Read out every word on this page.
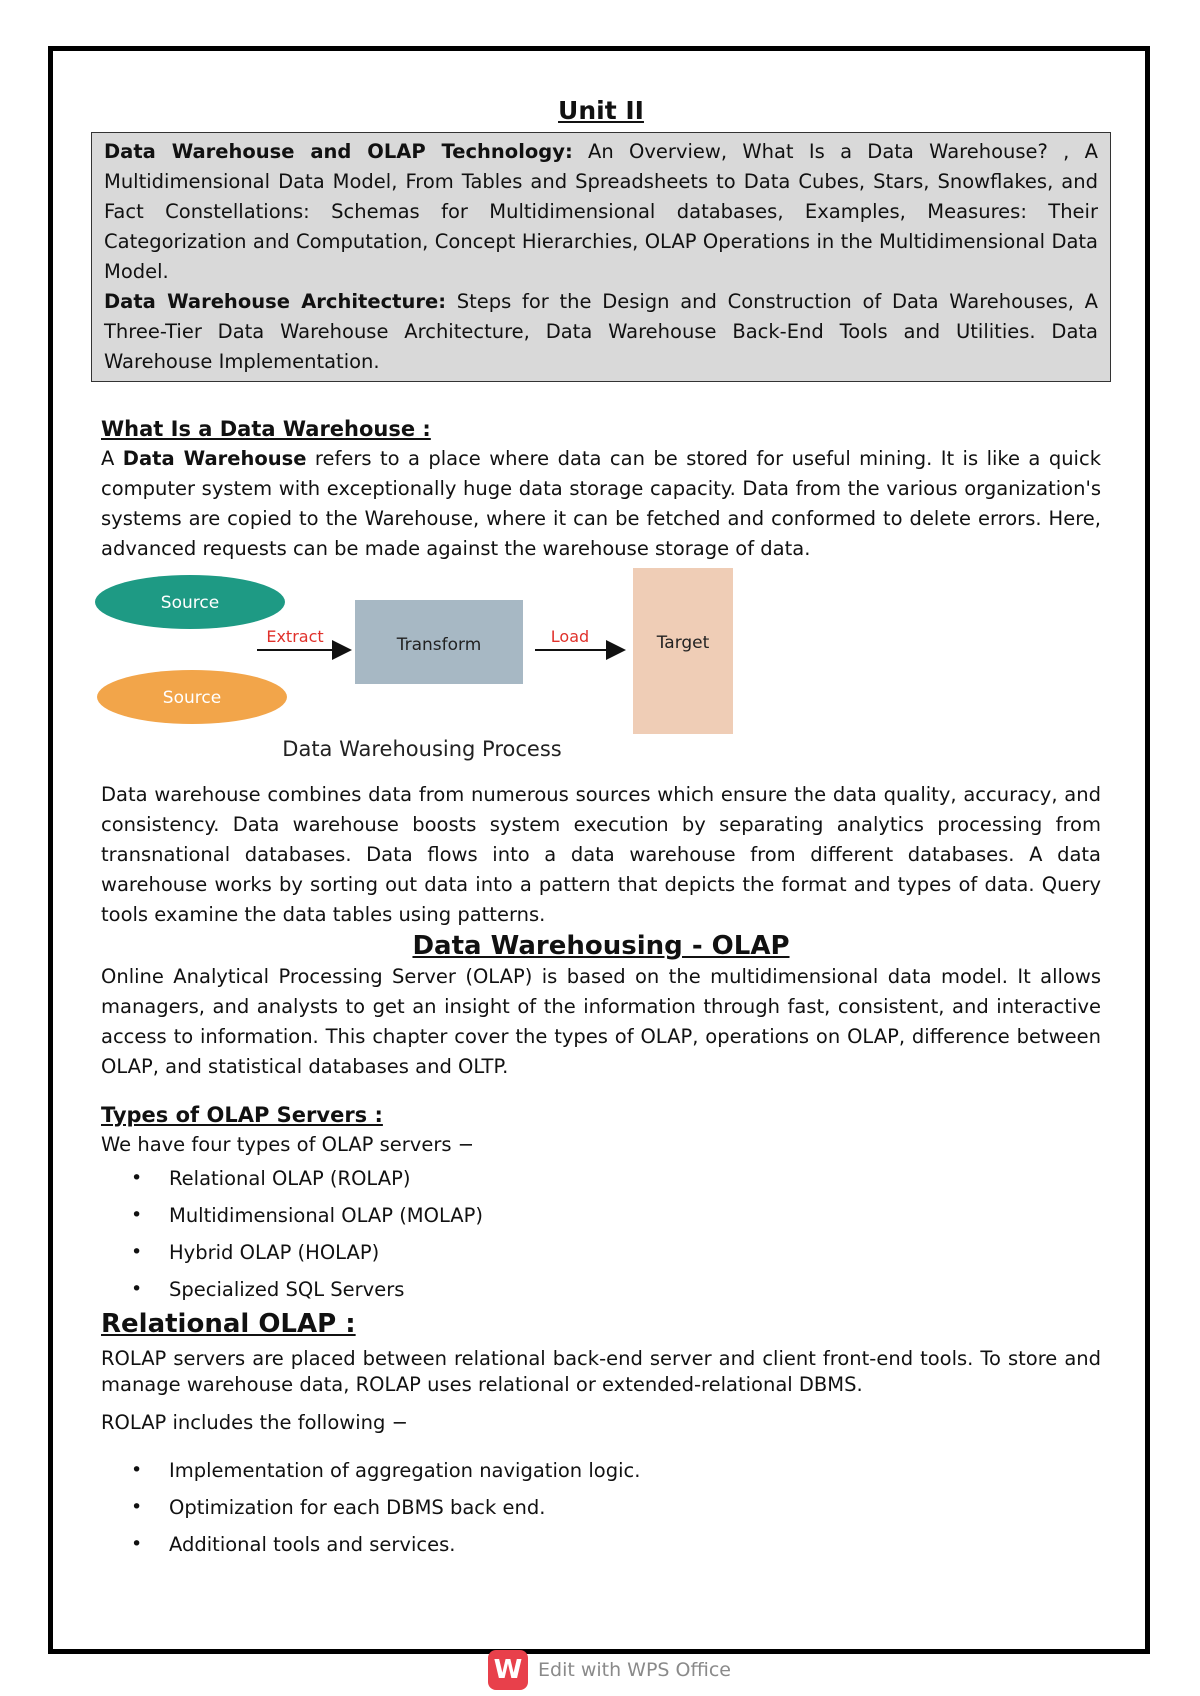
Unit II

Data Warehouse and OLAP Technology: An Overview, What Is a Data Warehouse? , A Multidimensional Data Model, From Tables and Spreadsheets to Data Cubes, Stars, Snowflakes, and Fact Constellations: Schemas for Multidimensional databases, Examples, Measures: Their Categorization and Computation, Concept Hierarchies, OLAP Operations in the Multidimensional Data Model.

Data Warehouse Architecture: Steps for the Design and Construction of Data Warehouses, A Three-Tier Data Warehouse Architecture, Data Warehouse Back-End Tools and Utilities. Data Warehouse Implementation.

What Is a Data Warehouse :

A Data Warehouse refers to a place where data can be stored for useful mining. It is like a quick computer system with exceptionally huge data storage capacity. Data from the various organization's systems are copied to the Warehouse, where it can be fetched and conformed to delete errors. Here, advanced requests can be made against the warehouse storage of data.

Source
Source
Extract	Transform	Load	Target
Data Warehousing Process

Data warehouse combines data from numerous sources which ensure the data quality, accuracy, and consistency. Data warehouse boosts system execution by separating analytics processing from transnational databases. Data flows into a data warehouse from different databases. A data warehouse works by sorting out data into a pattern that depicts the format and types of data. Query tools examine the data tables using patterns.

Data Warehousing - OLAP

Online Analytical Processing Server (OLAP) is based on the multidimensional data model. It allows managers, and analysts to get an insight of the information through fast, consistent, and interactive access to information. This chapter cover the types of OLAP, operations on OLAP, difference between OLAP, and statistical databases and OLTP.

Types of OLAP Servers :

We have four types of OLAP servers −

• Relational OLAP (ROLAP)
• Multidimensional OLAP (MOLAP)
• Hybrid OLAP (HOLAP)
• Specialized SQL Servers
Relational OLAP :

ROLAP servers are placed between relational back-end server and client front-end tools. To store and manage warehouse data, ROLAP uses relational or extended-relational DBMS.

ROLAP includes the following −

• Implementation of aggregation navigation logic.
• Optimization for each DBMS back end.
• Additional tools and services.
W Edit with WPS Office
